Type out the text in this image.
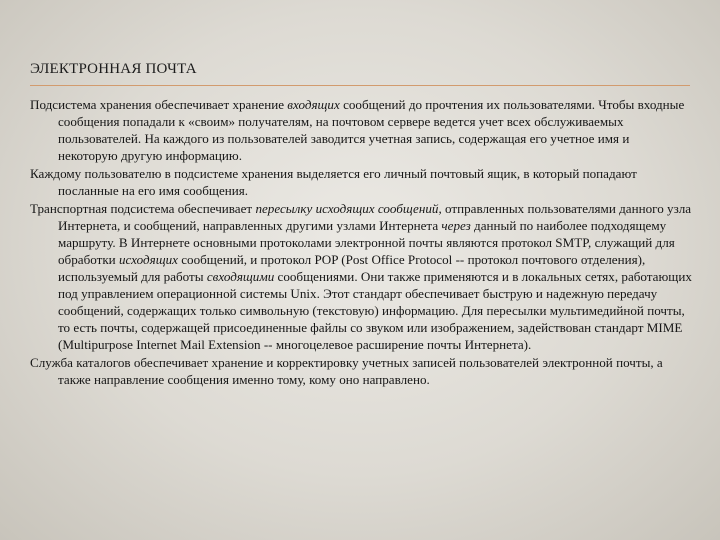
ЭЛЕКТРОННАЯ ПОЧТА

Подсистема хранения обеспечивает хранение входящих сообщений до прочтения их пользователями. Чтобы входные сообщения попадали к «своим» получателям, на почтовом сервере ведется учет всех обслуживаемых пользователей. На каждого из пользователей заводится учетная запись, содержащая его учетное имя и некоторую другую информацию.

Каждому пользователю в подсистеме хранения выделяется его личный почтовый ящик, в который попадают посланные на его имя сообщения.

Транспортная подсистема обеспечивает пересылку исходящих сообщений, отправленных пользователями данного узла Интернета, и сообщений, направленных другими узлами Интернета через данный по наиболее подходящему маршруту. В Интернете основными протоколами электронной почты являются протокол SMTP, служащий для обработки исходящих сообщений, и протокол POP (Post Office Protocol -- протокол почтового отделения), используемый для работы свходящими сообщениями. Они также применяются и в локальных сетях, работающих под управлением операционной системы Unix. Этот стандарт обеспечивает быструю и надежную передачу сообщений, содержащих только символьную (текстовую) информацию. Для пересылки мультимедийной почты, то есть почты, содержащей присоединенные файлы со звуком или изображением, задействован стандарт MIME (Multipurpose Internet Mail Extension -- многоцелевое расширение почты Интернета).

Служба каталогов обеспечивает хранение и корректировку учетных записей пользователей электронной почты, а также направление сообщения именно тому, кому оно направлено.
